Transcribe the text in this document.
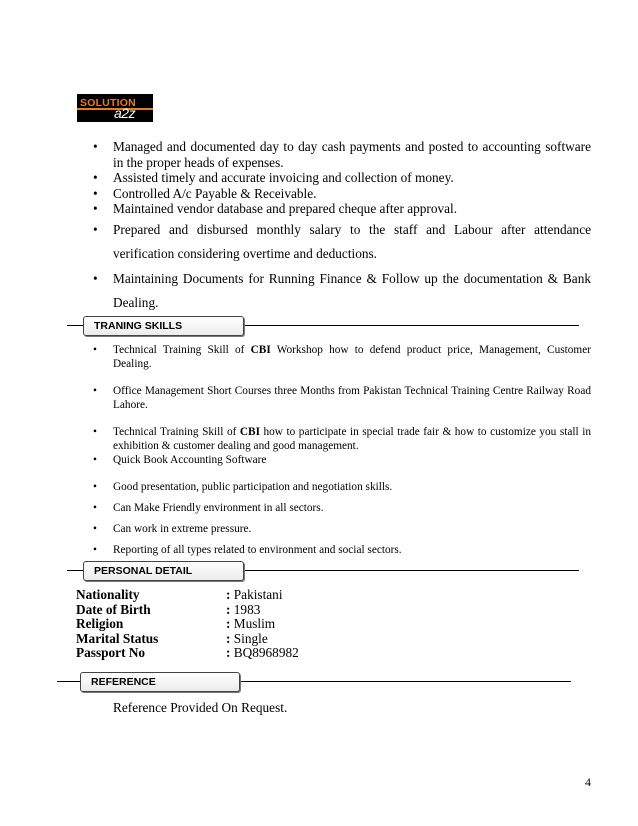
SOLUTION
a2z
• Managed and documented day to day cash payments and posted to accounting software in the proper heads of expenses.
• Assisted timely and accurate invoicing and collection of money.
• Controlled A/c Payable & Receivable.
• Maintained vendor database and prepared cheque after approval.
• Prepared and disbursed monthly salary to the staff and Labour after attendance verification considering overtime and deductions.
• Maintaining Documents for Running Finance & Follow up the documentation & Bank Dealing.
TRANING SKILLS
• Technical Training Skill of CBI Workshop how to defend product price, Management, Customer Dealing.
• Office Management Short Courses three Months from Pakistan Technical Training Centre Railway Road Lahore.
• Technical Training Skill of CBI how to participate in special trade fair & how to customize you stall in exhibition & customer dealing and good management.
• Quick Book Accounting Software
• Good presentation, public participation and negotiation skills.
• Can Make Friendly environment in all sectors.
• Can work in extreme pressure.
• Reporting of all types related to environment and social sectors.
PERSONAL DETAIL
Nationality	: Pakistani
Date of Birth	: 1983
Religion	: Muslim
Marital Status	: Single
Passport No	: BQ8968982
REFERENCE
Reference Provided On Request.
4
